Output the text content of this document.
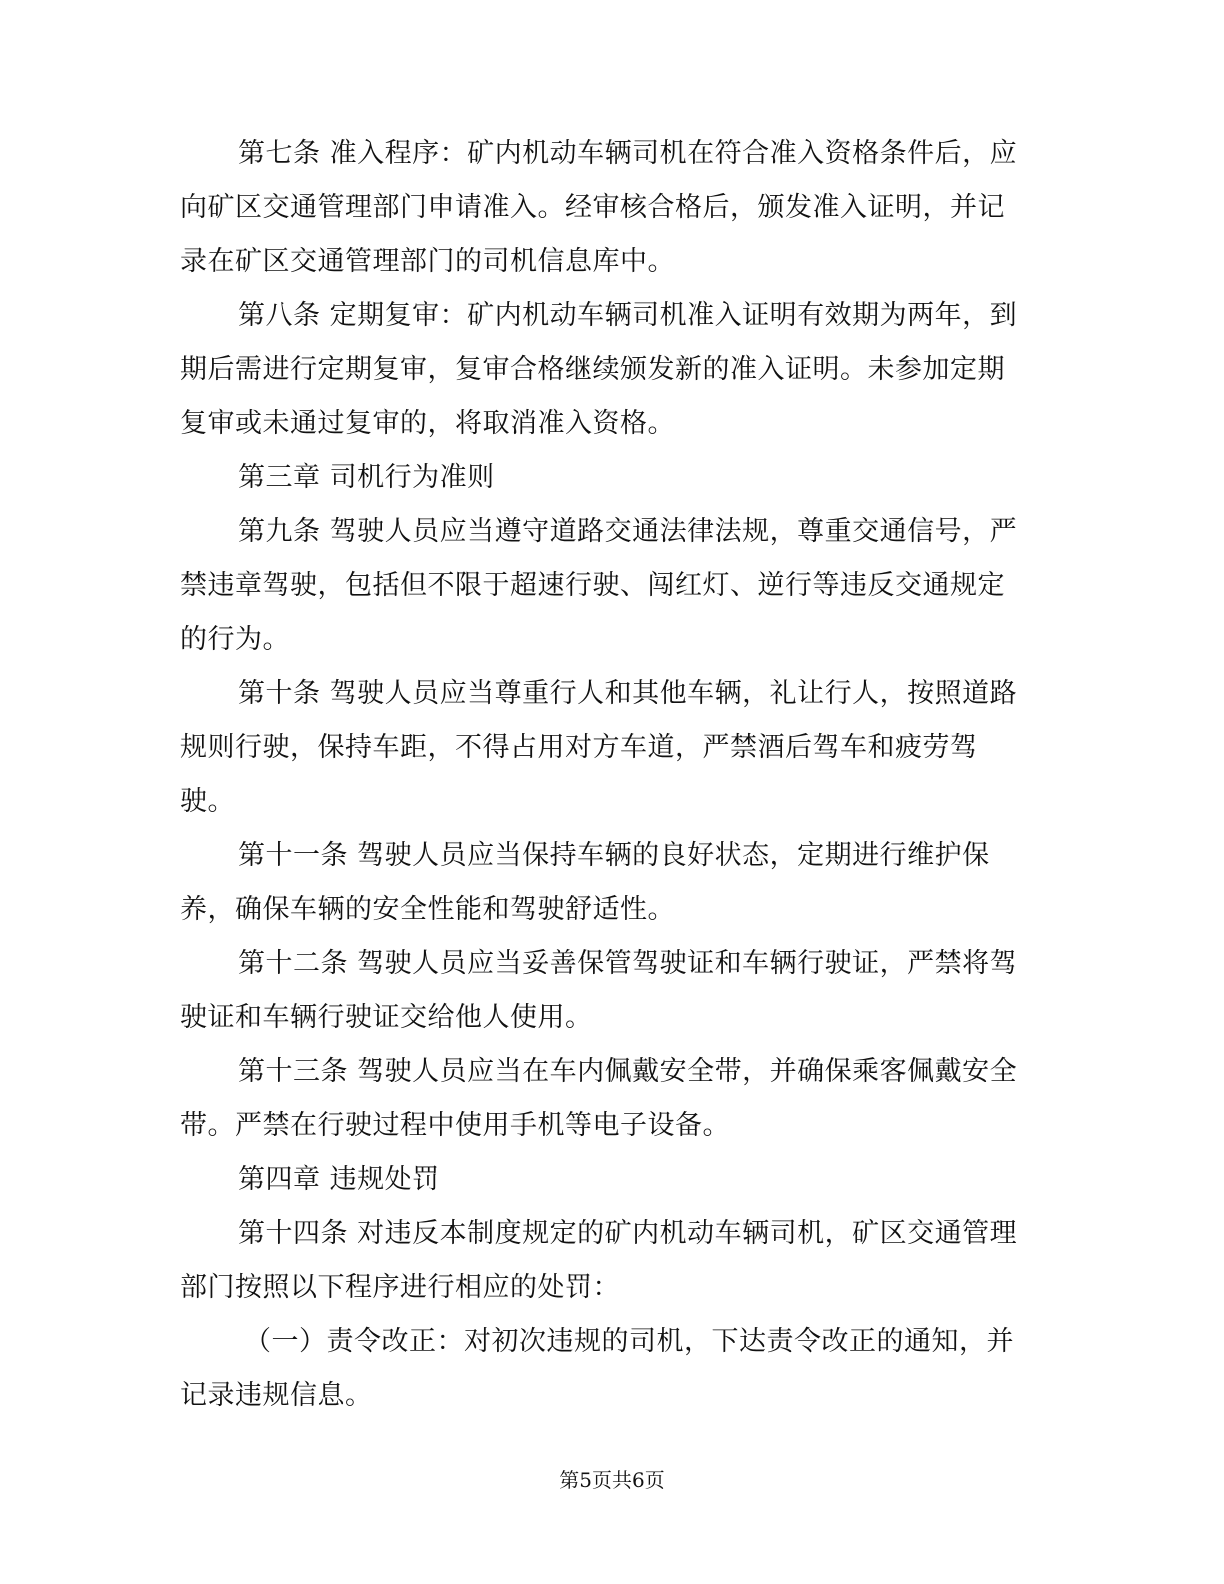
第七条 准入程序：矿内机动车辆司机在符合准入资格条件后，应向矿区交通管理部门申请准入。经审核合格后，颁发准入证明，并记录在矿区交通管理部门的司机信息库中。

第八条 定期复审：矿内机动车辆司机准入证明有效期为两年，到期后需进行定期复审，复审合格继续颁发新的准入证明。未参加定期复审或未通过复审的，将取消准入资格。

第三章 司机行为准则

第九条 驾驶人员应当遵守道路交通法律法规，尊重交通信号，严禁违章驾驶，包括但不限于超速行驶、闯红灯、逆行等违反交通规定的行为。

第十条 驾驶人员应当尊重行人和其他车辆，礼让行人，按照道路规则行驶，保持车距，不得占用对方车道，严禁酒后驾车和疲劳驾驶。

第十一条 驾驶人员应当保持车辆的良好状态，定期进行维护保养，确保车辆的安全性能和驾驶舒适性。

第十二条 驾驶人员应当妥善保管驾驶证和车辆行驶证，严禁将驾驶证和车辆行驶证交给他人使用。

第十三条 驾驶人员应当在车内佩戴安全带，并确保乘客佩戴安全带。严禁在行驶过程中使用手机等电子设备。

第四章 违规处罚

第十四条 对违反本制度规定的矿内机动车辆司机，矿区交通管理部门按照以下程序进行相应的处罚：

（一）责令改正：对初次违规的司机，下达责令改正的通知，并记录违规信息。

第5页共6页
